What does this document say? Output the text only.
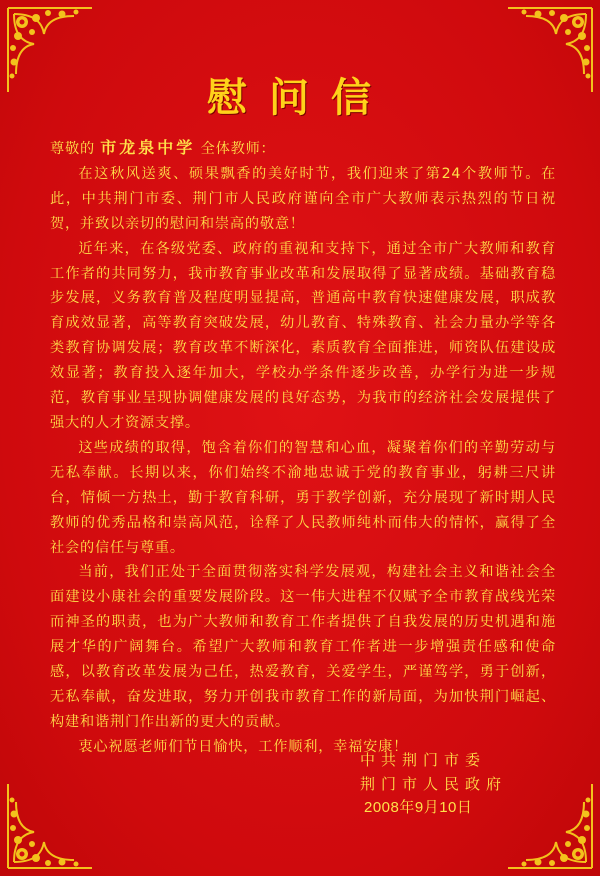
慰问信

尊敬的 市龙泉中学 全体教师：

在这秋风送爽、硕果飘香的美好时节，我们迎来了第24个教师节。在此，中共荆门市委、荆门市人民政府谨向全市广大教师表示热烈的节日祝贺，并致以亲切的慰问和崇高的敬意！

近年来，在各级党委、政府的重视和支持下，通过全市广大教师和教育工作者的共同努力，我市教育事业改革和发展取得了显著成绩。基础教育稳步发展，义务教育普及程度明显提高，普通高中教育快速健康发展，职成教育成效显著，高等教育突破发展，幼儿教育、特殊教育、社会力量办学等各类教育协调发展；教育改革不断深化，素质教育全面推进，师资队伍建设成效显著；教育投入逐年加大，学校办学条件逐步改善，办学行为进一步规范，教育事业呈现协调健康发展的良好态势，为我市的经济社会发展提供了强大的人才资源支撑。

这些成绩的取得，饱含着你们的智慧和心血，凝聚着你们的辛勤劳动与无私奉献。长期以来，你们始终不渝地忠诚于党的教育事业，躬耕三尺讲台，情倾一方热土，勤于教育科研，勇于教学创新，充分展现了新时期人民教师的优秀品格和崇高风范，诠释了人民教师纯朴而伟大的情怀，赢得了全社会的信任与尊重。

当前，我们正处于全面贯彻落实科学发展观，构建社会主义和谐社会全面建设小康社会的重要发展阶段。这一伟大进程不仅赋予全市教育战线光荣而神圣的职责，也为广大教师和教育工作者提供了自我发展的历史机遇和施展才华的广阔舞台。希望广大教师和教育工作者进一步增强责任感和使命感，以教育改革发展为己任，热爱教育，关爱学生，严谨笃学，勇于创新，无私奉献，奋发进取，努力开创我市教育工作的新局面，为加快荆门崛起、构建和谐荆门作出新的更大的贡献。

衷心祝愿老师们节日愉快，工作顺利，幸福安康！

中共荆门市委
荆门市人民政府
2008年9月10日
